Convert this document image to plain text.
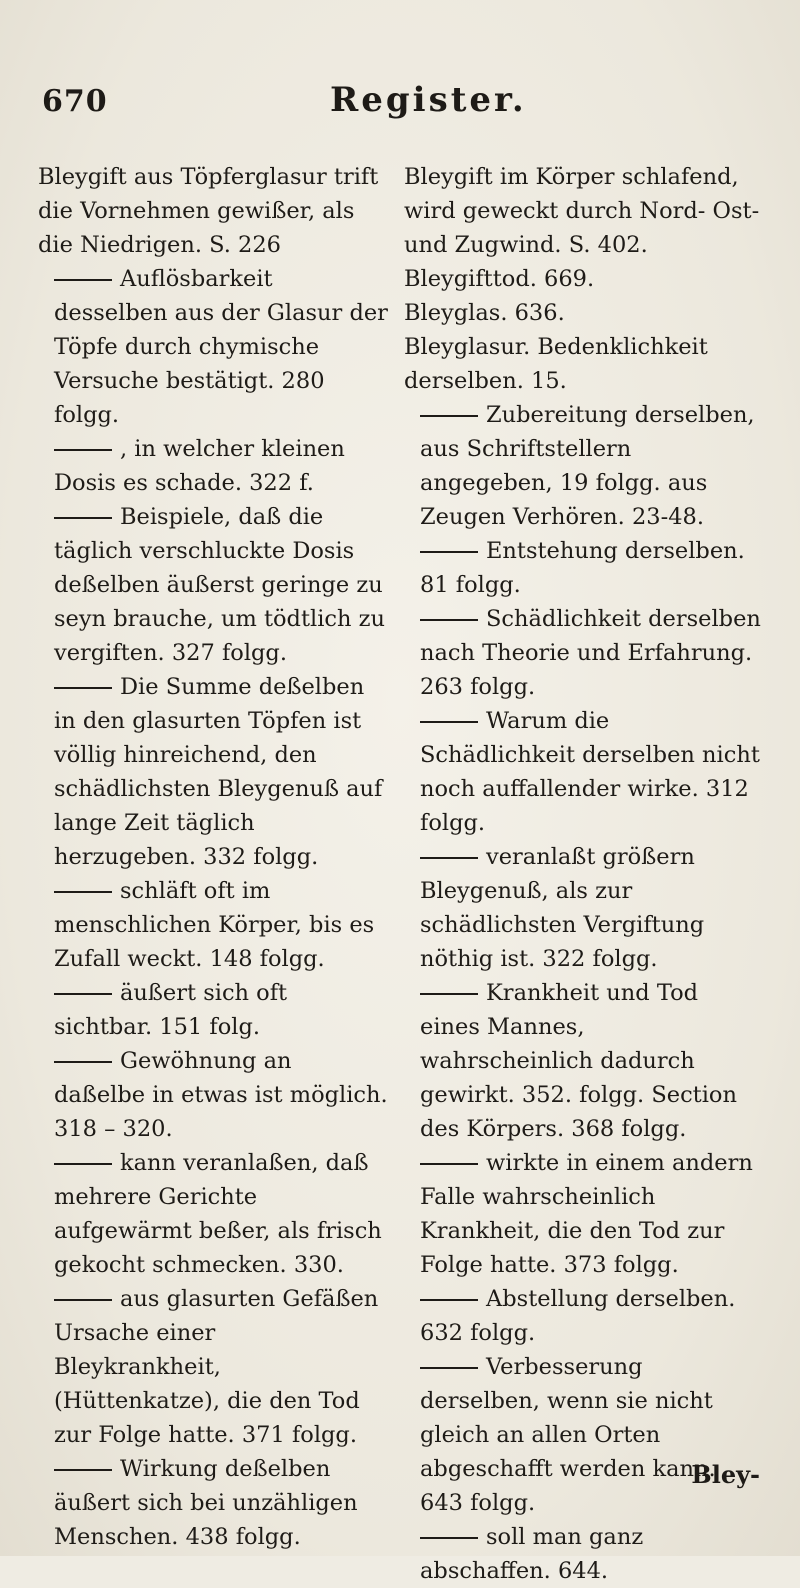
670	Register.
Bleygift aus Töpferglasur trift die Vornehmen gewißer, als die Niedrigen. S. 226
Auflösbarkeit desselben aus der Glasur der Töpfe durch chymische Versuche bestätigt. 280 folgg.
, in welcher kleinen Dosis es schade. 322 f.
Beispiele, daß die täglich verschluckte Dosis deßelben äußerst geringe zu seyn brauche, um tödtlich zu vergiften. 327 folgg.
Die Summe deßelben in den glasurten Töpfen ist völlig hinreichend, den schädlichsten Bleygenuß auf lange Zeit täglich herzugeben. 332 folgg.
schläft oft im menschlichen Körper, bis es Zufall weckt. 148 folgg.
äußert sich oft sichtbar. 151 folg.
Gewöhnung an daßelbe in etwas ist möglich. 318 – 320.
kann veranlaßen, daß mehrere Gerichte aufgewärmt beßer, als frisch gekocht schmecken. 330.
aus glasurten Gefäßen Ursache einer Bleykrankheit, (Hüttenkatze), die den Tod zur Folge hatte. 371 folgg.
Wirkung deßelben äußert sich bei unzähligen Menschen. 438 folgg.
Bleygift im Körper schlafend, wird geweckt durch Nord- Ost- und Zugwind. S. 402.
Bleygifttod. 669.
Bleyglas. 636.
Bleyglasur. Bedenklichkeit derselben. 15.
Zubereitung derselben, aus Schriftstellern angegeben, 19 folgg. aus Zeugen Verhören. 23-48.
Entstehung derselben. 81 folgg.
Schädlichkeit derselben nach Theorie und Erfahrung. 263 folgg.
Warum die Schädlichkeit derselben nicht noch auffallender wirke. 312 folgg.
veranlaßt größern Bleygenuß, als zur schädlichsten Vergiftung nöthig ist. 322 folgg.
Krankheit und Tod eines Mannes, wahrscheinlich dadurch gewirkt. 352. folgg. Section des Körpers. 368 folgg.
wirkte in einem andern Falle wahrscheinlich Krankheit, die den Tod zur Folge hatte. 373 folgg.
Abstellung derselben. 632 folgg.
Verbesserung derselben, wenn sie nicht gleich an allen Orten abgeschafft werden kann. 643 folgg.
soll man ganz abschaffen. 644.
Bley-
